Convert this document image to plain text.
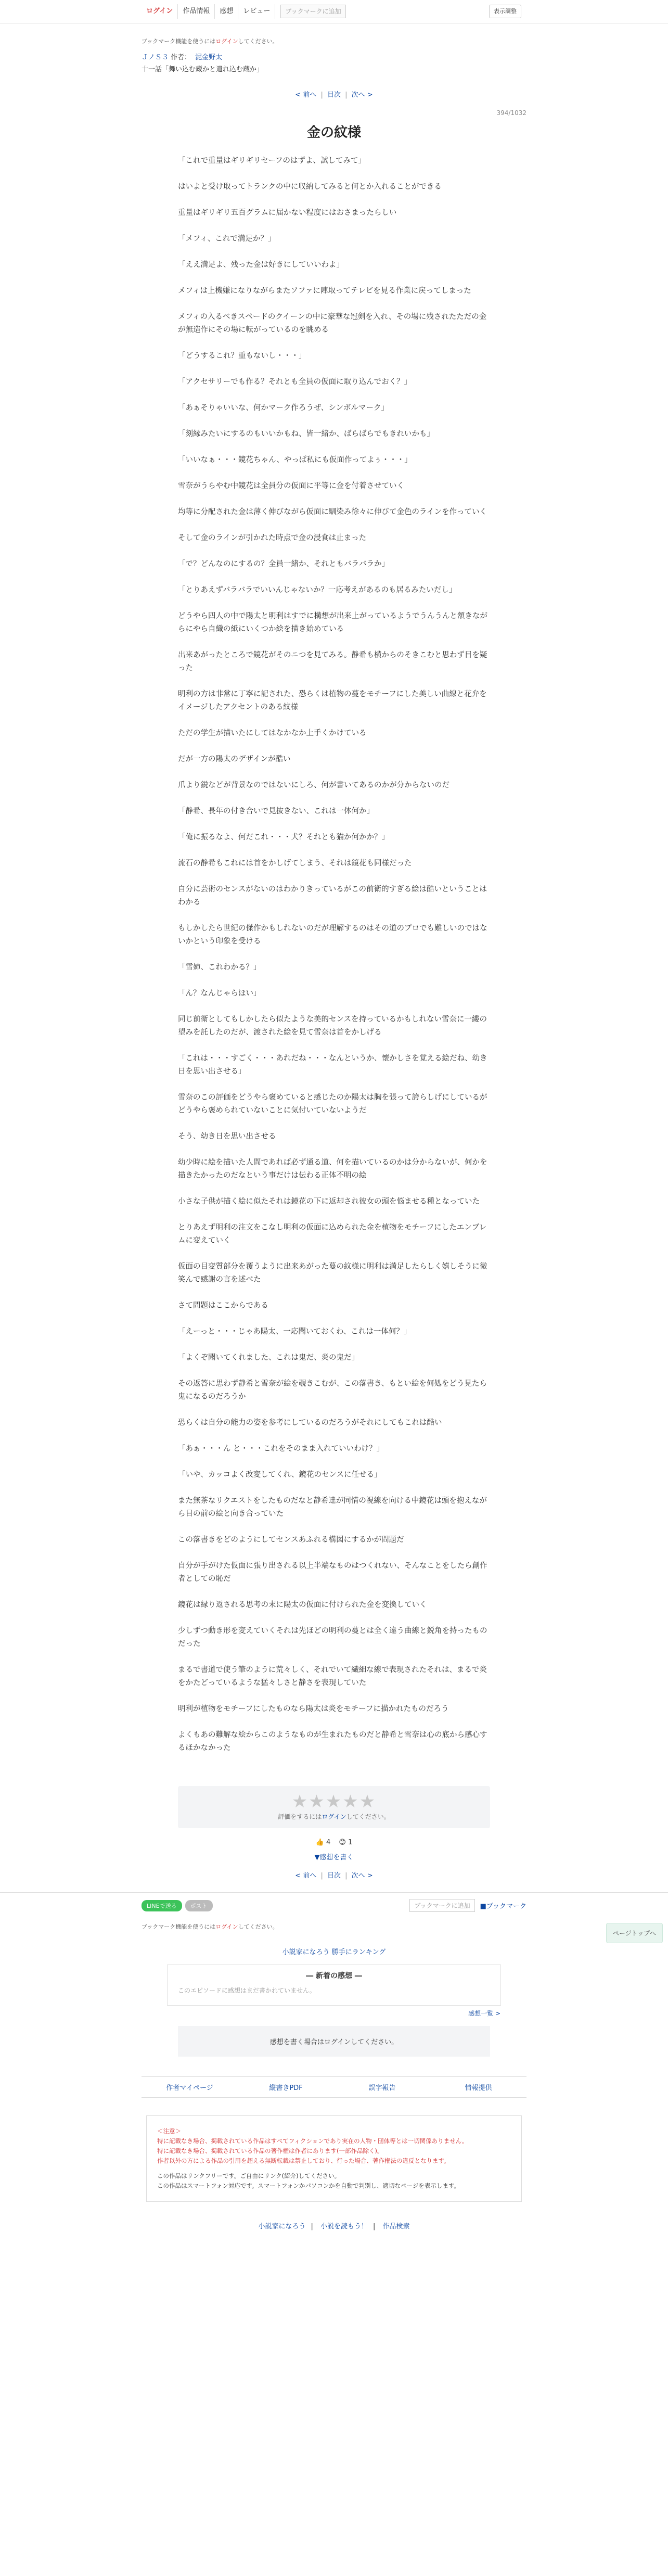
ログイン	作品情報	感想	レビュー	ブックマークに追加	表示調整
ブックマーク機能を使うにはログインしてください。
ＪノＳ３ 作者： 泥金野太
十一話「舞い込む蔵かと遣れ込む蔵か」
< 前へ | 目次 | 次へ >
394/1032
金の紋様

「これで重量はギリギリセーフのはずよ、試してみて」

はいよと受け取ってトランクの中に収納してみると何とか入れることができる

重量はギリギリ五百グラムに届かない程度にはおさまったらしい

「メフィ、これで満足か？」

「ええ満足よ、残った金は好きにしていいわよ」

メフィは上機嫌になりながらまたソファに陣取ってテレビを見る作業に戻ってしまった

メフィの入るべきスペードのクイーンの中に豪華な冠剣を入れ、その場に残されたただの金が無造作にその場に転がっているのを眺める

「どうするこれ？重もないし・・・」

「アクセサリーでも作る？それとも全員の仮面に取り込んでおく？」

「あぁそりゃいいな、何かマーク作ろうぜ、シンボルマーク」

「刻縁みたいにするのもいいかもね、皆一緒か、ばらばらでもきれいかも」

「いいなぁ・・・鏡花ちゃん、やっぱ私にも仮面作ってよぅ・・・」

雪奈がうらやむ中鏡花は全員分の仮面に平等に金を付着させていく

均等に分配された金は薄く伸びながら仮面に馴染み徐々に伸びて金色のラインを作っていく

そして金のラインが引かれた時点で金の浸食は止まった

「で？どんなのにするの？全員一緒か、それともバラバラか」

「とりあえずバラバラでいいんじゃないか？一応考えがあるのも居るみたいだし」

どうやら四人の中で陽太と明利はすでに構想が出来上がっているようでうんうんと頷きながらにやら自織の紙にいくつか絵を描き始めている

出来あがったところで鏡花がそのニつを見てみる。静希も横からのそきこむと思わず目を疑った

明利の方は非常に丁寧に記された、恐らくは植物の蔓をモチーフにした美しい曲線と花弁をイメージしたアクセントのある紋様

ただの学生が描いたにしてはなかなか上手くかけている

だが一方の陽太のデザインが酷い

爪より鋭などが背景なのではないにしろ、何が書いてあるのかが分からないのだ

「静希、長年の付き合いで見抜きない、これは一体何か」

「俺に振るなよ、何だこれ・・・犬？それとも猫か何かか？」

流石の静希もこれには首をかしげてしまう、それは鏡花も同様だった

自分に芸術のセンスがないのはわかりきっているがこの前衛的すぎる絵は酷いということはわかる

もしかしたら世紀の傑作かもしれないのだが理解するのはその道のプロでも難しいのではないかという印象を受ける

「雪姉、これわかる？」

「ん？なんじゃらほい」

同じ前衛としてもしかしたら似たような美的センスを持っているかもしれない雪奈に一縷の望みを託したのだが、渡された絵を見て雪奈は首をかしげる

「これは・・・すごく・・・あれだね・・・なんというか、懐かしさを覚える絵だね、幼き日を思い出させる」

雪奈のこの評価をどうやら褒めていると感じたのか陽太は胸を張って誇らしげにしているがどうやら褒められていないことに気付いていないようだ

そう、幼き日を思い出させる

幼少時に絵を描いた人間であれば必ず通る道、何を描いているのかは分からないが、何かを描きたかったのだなという事だけは伝わる正体不明の絵

小さな子供が描く絵に似たそれは鏡花の下に返却され彼女の頭を悩ませる種となっていた

とりあえず明利の注文をこなし明利の仮面に込められた金を植物をモチーフにしたエンブレムに変えていく

仮面の目変質部分を覆うように出来あがった蔓の紋様に明利は満足したらしく嬉しそうに微笑んで感謝の言を述べた

さて問題はここからである

「えーっと・・・じゃあ陽太、一応聞いておくわ、これは一体何？」

「よくぞ聞いてくれました、これは鬼だ、炎の鬼だ」

その返答に思わず静希と雪奈が絵を覗きこむが、この落書き、もとい絵を何処をどう見たら鬼になるのだろうか

恐らくは自分の能力の姿を参考にしているのだろうがそれにしてもこれは酷い

「あぁ・・・ん と・・・これをそのまま入れていいわけ？」

「いや、カッコよく改変してくれ、鏡花のセンスに任せる」

また無茶なリクエストをしたものだなと静希達が同情の視線を向ける中鏡花は頭を抱えながら目の前の絵と向き合っていた

この落書きをどのようにしてセンスあふれる構図にするかが問題だ

自分が手がけた仮面に張り出される以上半端なものはつくれない、そんなことをしたら創作者としての恥だ

鏡花は縁り返される思考の末に陽太の仮面に付けられた金を変換していく

少しずつ動き形を変えていくそれは先ほどの明利の蔓とは全く違う曲線と鋭角を持ったものだった

まるで書道で使う筆のように荒々しく、それでいて繊細な線で表現されたそれは、まるで炎をかたどっているような猛々しさと静さを表現していた

明利が植物をモチーフにしたものなら陽太は炎をモチーフに描かれたものだろう

よくもあの難解な絵からこのようなものが生まれたものだと静希と雪奈は心の底から感心するほかなかった

★★★★★
評価をするにはログインしてください。
👍 4 😊 1
▼感想を書く
< 前へ | 目次 | 次へ >
LINEで送る	ポスト	ブックマークに追加	■ブックマーク
ブックマーク機能を使うにはログインしてください。
小説家になろう 勝手にランキング
― 新着の感想 ―
このエピソードに感想はまだ書かれていません。
感想一覧 >
感想を書く場合はログインしてください。
作者マイページ	縦書きPDF	誤字報告	情報提供
＜注意＞
特に記載なき場合、掲載されている作品はすべてフィクションであり実在の人物・団体等とは一切関係ありません。
特に記載なき場合、掲載されている作品の著作権は作者にあります(一部作品除く)。
作者以外の方による作品の引用を超える無断転載は禁止しており、行った場合、著作権法の違反となります。
この作品はリンクフリーです。ご自由にリンク(紹介)してください。
この作品はスマートフォン対応です。スマートフォンかパソコンかを自動で判別し、適切なページを表示します。
小説家になろう | 小説を読もう！ | 作品検索
ページトップへ
